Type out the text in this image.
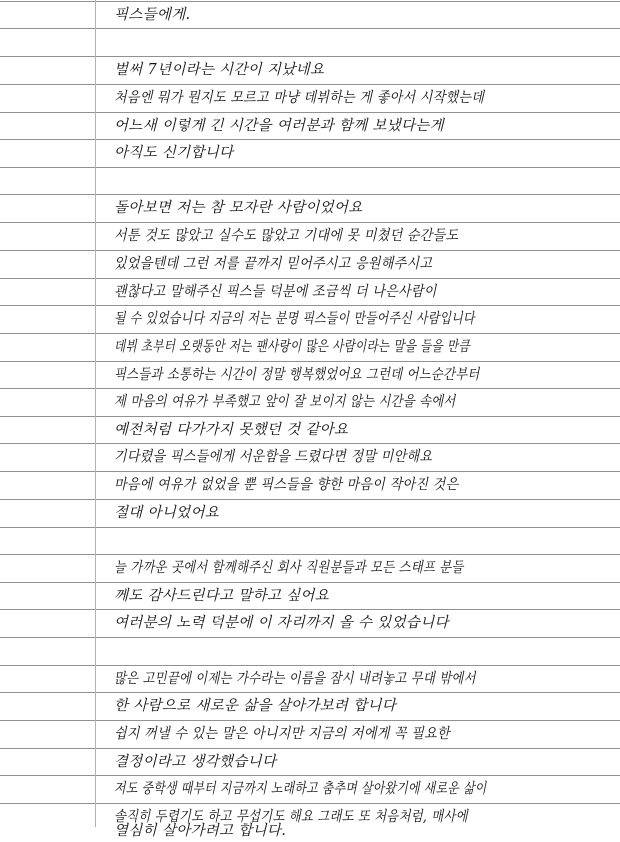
픽스들에게.
벌써 7년이라는 시간이 지났네요
처음엔 뭐가 뭔지도 모르고 마냥 데뷔하는 게 좋아서 시작했는데
어느새 이렇게 긴 시간을 여러분과 함께 보냈다는게
아직도 신기합니다
돌아보면 저는 참 모자란 사람이었어요
서툰 것도 많았고 실수도 많았고 기대에 못 미쳤던 순간들도
있었을텐데 그런 저를 끝까지 믿어주시고 응원해주시고
괜찮다고 말해주신 픽스들 덕분에 조금씩 더 나은사람이
될 수 있었습니다 지금의 저는 분명 픽스들이 만들어주신 사람입니다
데뷔 초부터 오랫동안 저는 팬사랑이 많은 사람이라는 말을 들을 만큼
픽스들과 소통하는 시간이 정말 행복했었어요 그런데 어느순간부터
제 마음의 여유가 부족했고 앞이 잘 보이지 않는 시간을 속에서
예전처럼 다가가지 못했던 것 같아요
기다렸을 픽스들에게 서운함을 드렸다면 정말 미안해요
마음에 여유가 없었을 뿐 픽스들을 향한 마음이 작아진 것은
절대 아니었어요
늘 가까운 곳에서 함께해주신 회사 직원분들과 모든 스태프 분들
께도 감사드린다고 말하고 싶어요
여러분의 노력 덕분에 이 자리까지 올 수 있었습니다
많은 고민끝에 이제는 가수라는 이름을 잠시 내려놓고 무대 밖에서
한 사람으로 새로운 삶을 살아가보려 합니다
쉽지 꺼낼 수 있는 말은 아니지만 지금의 저에게 꼭 필요한
결정이라고 생각했습니다
저도 중학생 때부터 지금까지 노래하고 춤추며 살아왔기에 새로운 삶이
솔직히 두렵기도 하고 무섭기도 해요 그래도 또 처음처럼, 매사에
열심히 살아가려고 합니다.
